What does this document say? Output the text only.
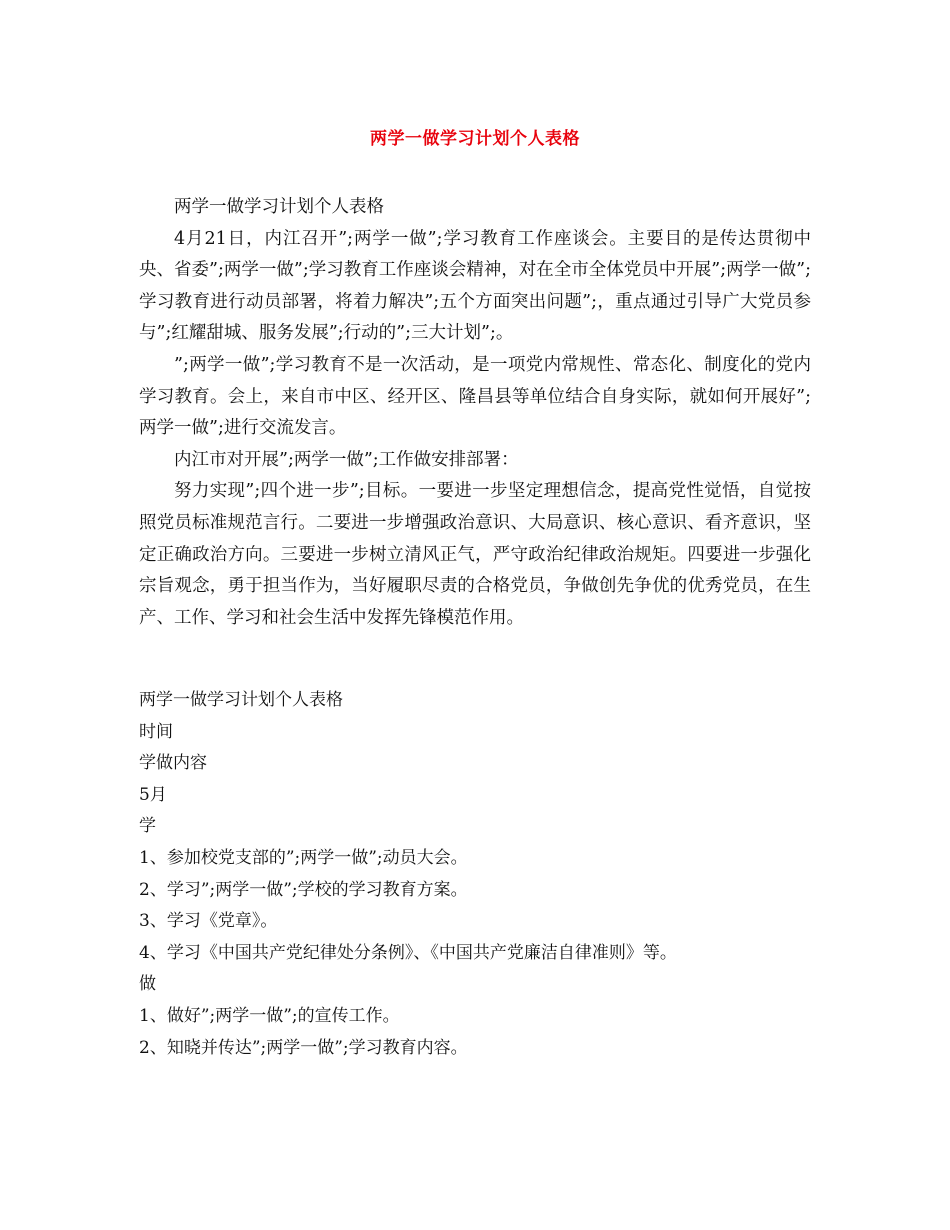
两学一做学习计划个人表格

两学一做学习计划个人表格

4月21日，内江召开”;两学一做”;学习教育工作座谈会。主要目的是传达贯彻中央、省委”;两学一做”;学习教育工作座谈会精神，对在全市全体党员中开展”;两学一做”;学习教育进行动员部署，将着力解决”;五个方面突出问题”;，重点通过引导广大党员参与”;红耀甜城、服务发展”;行动的”;三大计划”;。

”;两学一做”;学习教育不是一次活动，是一项党内常规性、常态化、制度化的党内学习教育。会上，来自市中区、经开区、隆昌县等单位结合自身实际，就如何开展好”;两学一做”;进行交流发言。

内江市对开展”;两学一做”;工作做安排部署：

努力实现”;四个进一步”;目标。一要进一步坚定理想信念，提高党性觉悟，自觉按照党员标准规范言行。二要进一步增强政治意识、大局意识、核心意识、看齐意识，坚定正确政治方向。三要进一步树立清风正气，严守政治纪律政治规矩。四要进一步强化宗旨观念，勇于担当作为，当好履职尽责的合格党员，争做创先争优的优秀党员，在生产、工作、学习和社会生活中发挥先锋模范作用。

两学一做学习计划个人表格

时间

学做内容

5月

学

1、参加校党支部的”;两学一做”;动员大会。

2、学习”;两学一做”;学校的学习教育方案。

3、学习《党章》。

4、学习《中国共产党纪律处分条例》、《中国共产党廉洁自律准则》等。

做

1、做好”;两学一做”;的宣传工作。

2、知晓并传达”;两学一做”;学习教育内容。
